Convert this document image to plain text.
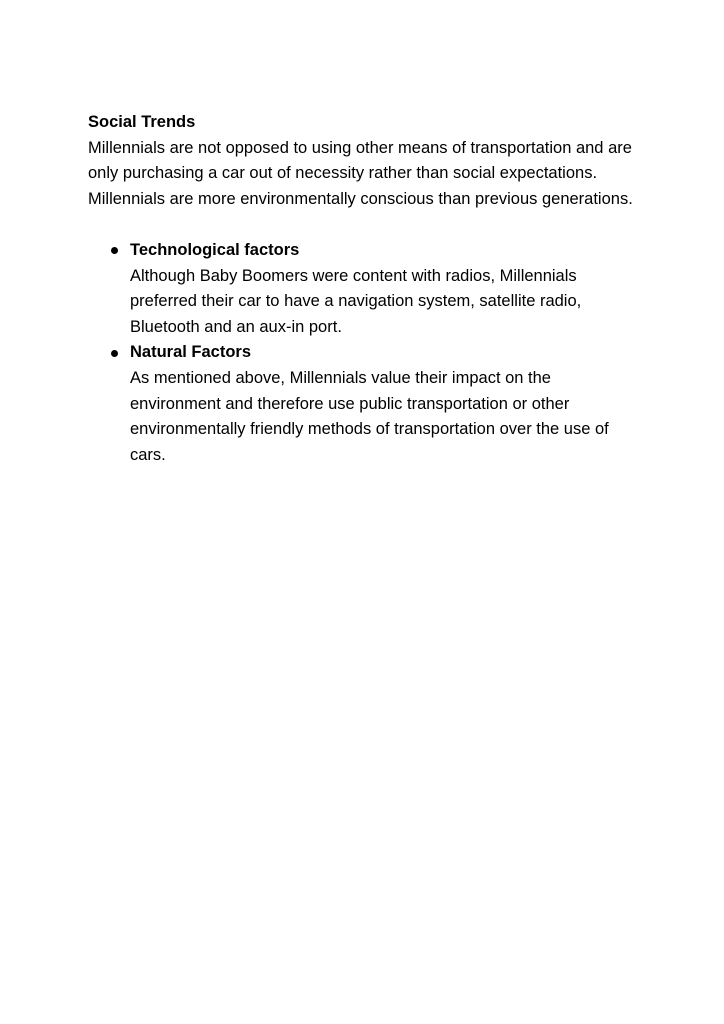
Social Trends

Millennials are not opposed to using other means of transportation and are only purchasing a car out of necessity rather than social expectations.

Millennials are more environmentally conscious than previous generations.

Technological factors

Although Baby Boomers were content with radios, Millennials preferred their car to have a navigation system, satellite radio, Bluetooth and an aux-in port.

Natural Factors

As mentioned above, Millennials value their impact on the environment and therefore use public transportation or other environmentally friendly methods of transportation over the use of cars.
